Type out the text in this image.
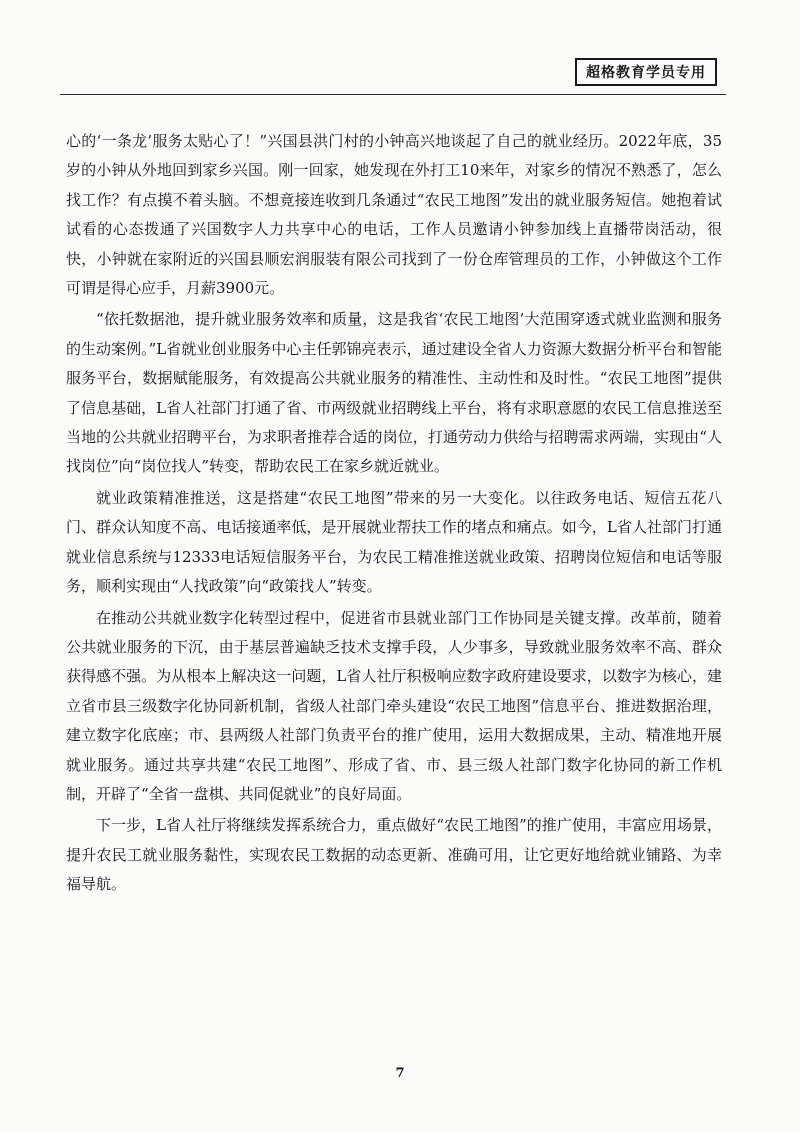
超格教育学员专用

心的‘一条龙’服务太贴心了！”兴国县洪门村的小钟高兴地谈起了自己的就业经历。2022年底，35岁的小钟从外地回到家乡兴国。刚一回家，她发现在外打工10来年，对家乡的情况不熟悉了，怎么找工作？有点摸不着头脑。不想竟接连收到几条通过“农民工地图”发出的就业服务短信。她抱着试试看的心态拨通了兴国数字人力共享中心的电话，工作人员邀请小钟参加线上直播带岗活动，很快，小钟就在家附近的兴国县顺宏润服装有限公司找到了一份仓库管理员的工作，小钟做这个工作可谓是得心应手，月薪3900元。

“依托数据池，提升就业服务效率和质量，这是我省‘农民工地图’大范围穿透式就业监测和服务的生动案例。”L省就业创业服务中心主任郭锦亮表示，通过建设全省人力资源大数据分析平台和智能服务平台，数据赋能服务，有效提高公共就业服务的精准性、主动性和及时性。“农民工地图”提供了信息基础，L省人社部门打通了省、市两级就业招聘线上平台，将有求职意愿的农民工信息推送至当地的公共就业招聘平台，为求职者推荐合适的岗位，打通劳动力供给与招聘需求两端，实现由“人找岗位”向“岗位找人”转变，帮助农民工在家乡就近就业。

就业政策精准推送，这是搭建“农民工地图”带来的另一大变化。以往政务电话、短信五花八门、群众认知度不高、电话接通率低，是开展就业帮扶工作的堵点和痛点。如今，L省人社部门打通就业信息系统与12333电话短信服务平台，为农民工精准推送就业政策、招聘岗位短信和电话等服务，顺利实现由“人找政策”向“政策找人”转变。

在推动公共就业数字化转型过程中，促进省市县就业部门工作协同是关键支撑。改革前，随着公共就业服务的下沉，由于基层普遍缺乏技术支撑手段，人少事多，导致就业服务效率不高、群众获得感不强。为从根本上解决这一问题，L省人社厅积极响应数字政府建设要求，以数字为核心，建立省市县三级数字化协同新机制，省级人社部门牵头建设“农民工地图”信息平台、推进数据治理，建立数字化底座；市、县两级人社部门负责平台的推广使用，运用大数据成果，主动、精准地开展就业服务。通过共享共建“农民工地图”、形成了省、市、县三级人社部门数字化协同的新工作机制，开辟了“全省一盘棋、共同促就业”的良好局面。

下一步，L省人社厅将继续发挥系统合力，重点做好“农民工地图”的推广使用，丰富应用场景，提升农民工就业服务黏性，实现农民工数据的动态更新、准确可用，让它更好地给就业铺路、为幸福导航。

7
